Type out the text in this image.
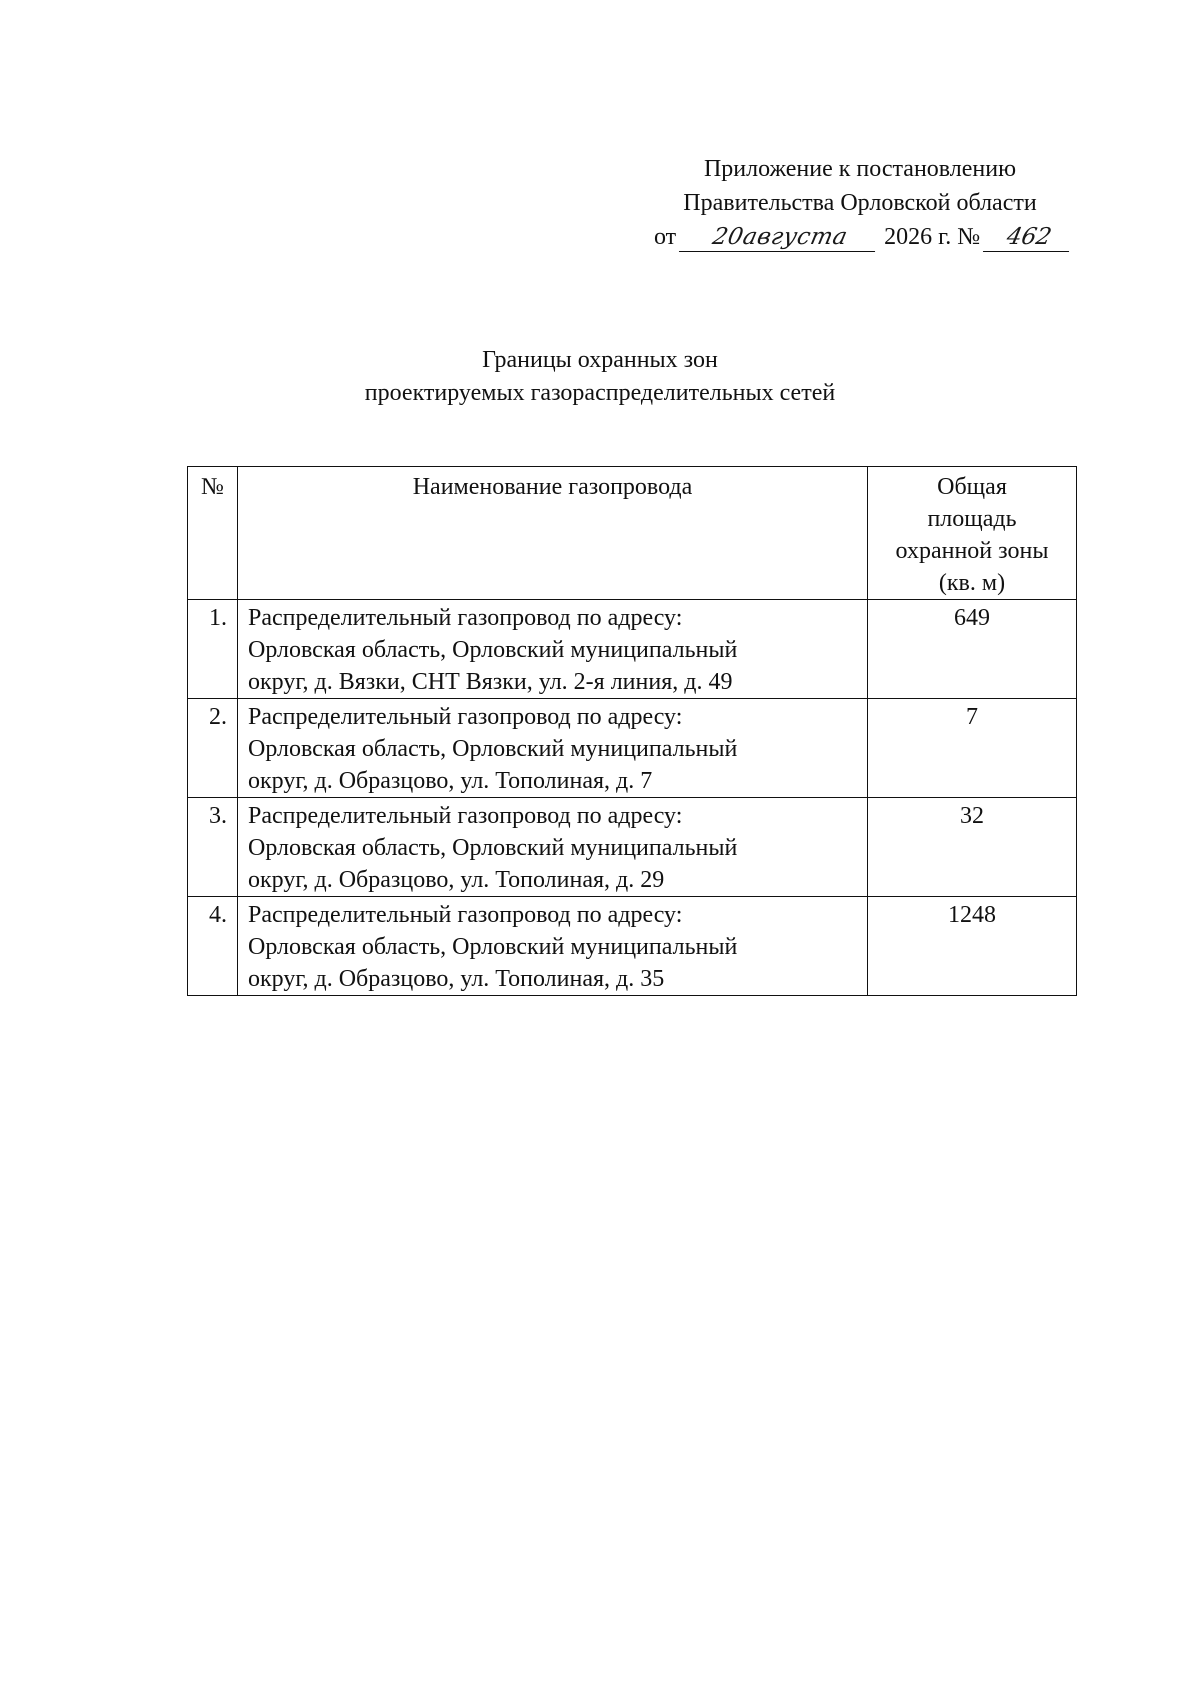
Приложение к постановлению
Правительства Орловской области
от 20августа 2026 г. № 462
Границы охранных зон
проектируемых газораспределительных сетей
№	Наименование газопровода	Общая
площадь
охранной зоны
(кв. м)

1.	Распределительный газопровод по адресу:
Орловская область, Орловский муниципальный
округ, д. Вязки, СНТ Вязки, ул. 2-я линия, д. 49	649
2.	Распределительный газопровод по адресу:
Орловская область, Орловский муниципальный
округ, д. Образцово, ул. Тополиная, д. 7	7
3.	Распределительный газопровод по адресу:
Орловская область, Орловский муниципальный
округ, д. Образцово, ул. Тополиная, д. 29	32
4.	Распределительный газопровод по адресу:
Орловская область, Орловский муниципальный
округ, д. Образцово, ул. Тополиная, д. 35	1248
